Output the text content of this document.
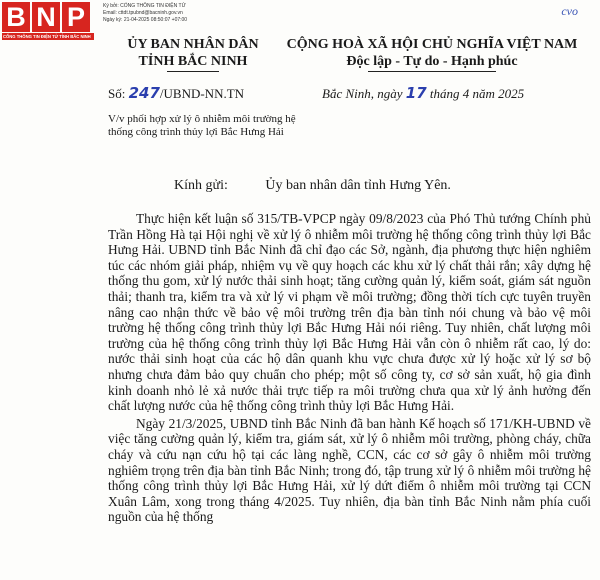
B N P
CỔNG THÔNG TIN ĐIỆN TỬ TỈNH BẮC NINH
Ký bởi: CỔNG THÔNG TIN ĐIỆN TỬ
Email: cttdt.tpubnd@bacninh.gov.vn
Ngày ký: 21-04-2025 08:50:07 +07:00
cvo
ỦY BAN NHÂN DÂN
TỈNH BẮC NINH
CỘNG HOÀ XÃ HỘI CHỦ NGHĨA VIỆT NAM
Độc lập - Tự do - Hạnh phúc
Số: 247/UBND-NN.TN	Bắc Ninh, ngày 17 tháng 4 năm 2025
V/v phối hợp xử lý ô nhiễm môi trường hệ thống công trình thủy lợi Bắc Hưng Hải
Kính gửi:	Ủy ban nhân dân tỉnh Hưng Yên.

Thực hiện kết luận số 315/TB-VPCP ngày 09/8/2023 của Phó Thủ tướng Chính phủ Trần Hồng Hà tại Hội nghị về xử lý ô nhiễm môi trường hệ thống công trình thủy lợi Bắc Hưng Hải. UBND tỉnh Bắc Ninh đã chỉ đạo các Sở, ngành, địa phương thực hiện nghiêm túc các nhóm giải pháp, nhiệm vụ về quy hoạch các khu xử lý chất thải rắn; xây dựng hệ thống thu gom, xử lý nước thải sinh hoạt; tăng cường quản lý, kiểm soát, giám sát nguồn thải; thanh tra, kiểm tra và xử lý vi phạm về môi trường; đồng thời tích cực tuyên truyền nâng cao nhận thức về bảo vệ môi trường trên địa bàn tỉnh nói chung và bảo vệ môi trường hệ thống công trình thủy lợi Bắc Hưng Hải nói riêng. Tuy nhiên, chất lượng môi trường của hệ thống công trình thủy lợi Bắc Hưng Hải vẫn còn ô nhiễm rất cao, lý do: nước thải sinh hoạt của các hộ dân quanh khu vực chưa được xử lý hoặc xử lý sơ bộ nhưng chưa đảm bảo quy chuẩn cho phép; một số công ty, cơ sở sản xuất, hộ gia đình kinh doanh nhỏ lẻ xả nước thải trực tiếp ra môi trường chưa qua xử lý ảnh hưởng đến chất lượng nước của hệ thống công trình thủy lợi Bắc Hưng Hải.

Ngày 21/3/2025, UBND tỉnh Bắc Ninh đã ban hành Kế hoạch số 171/KH-UBND về việc tăng cường quản lý, kiểm tra, giám sát, xử lý ô nhiễm môi trường, phòng cháy, chữa cháy và cứu nạn cứu hộ tại các làng nghề, CCN, các cơ sở gây ô nhiễm môi trường nghiêm trọng trên địa bàn tỉnh Bắc Ninh; trong đó, tập trung xử lý ô nhiễm môi trường hệ thống công trình thủy lợi Bắc Hưng Hải, xử lý dứt điểm ô nhiễm môi trường tại CCN Xuân Lâm, xong trong tháng 4/2025. Tuy nhiên, địa bàn tỉnh Bắc Ninh nằm phía cuối nguồn của hệ thống
